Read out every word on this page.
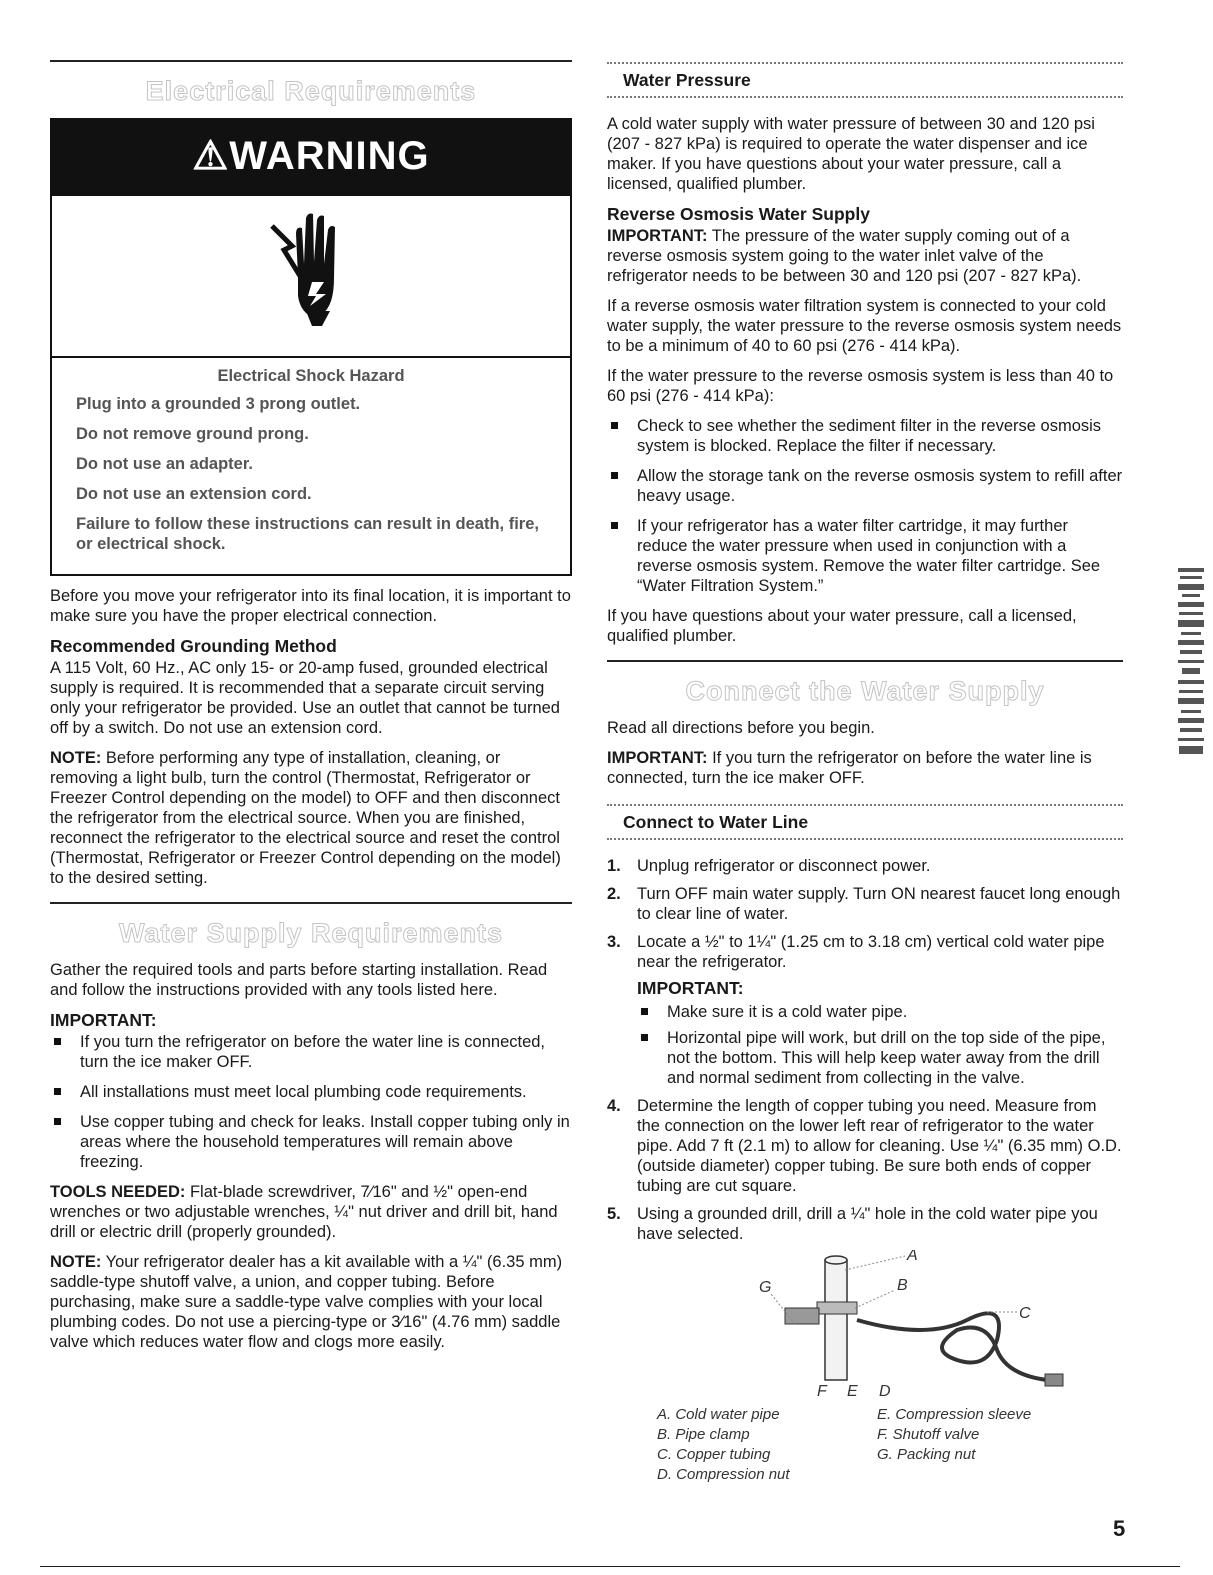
Electrical Requirements
⚠WARNING
Electrical Shock Hazard

Plug into a grounded 3 prong outlet.

Do not remove ground prong.

Do not use an adapter.

Do not use an extension cord.

Failure to follow these instructions can result in death, fire, or electrical shock.

Before you move your refrigerator into its final location, it is important to make sure you have the proper electrical connection.

Recommended Grounding Method

A 115 Volt, 60 Hz., AC only 15- or 20-amp fused, grounded electrical supply is required. It is recommended that a separate circuit serving only your refrigerator be provided. Use an outlet that cannot be turned off by a switch. Do not use an extension cord.

NOTE: Before performing any type of installation, cleaning, or removing a light bulb, turn the control (Thermostat, Refrigerator or Freezer Control depending on the model) to OFF and then disconnect the refrigerator from the electrical source. When you are finished, reconnect the refrigerator to the electrical source and reset the control (Thermostat, Refrigerator or Freezer Control depending on the model) to the desired setting.

Water Supply Requirements

Gather the required tools and parts before starting installation. Read and follow the instructions provided with any tools listed here.

IMPORTANT:
If you turn the refrigerator on before the water line is connected, turn the ice maker OFF.
All installations must meet local plumbing code requirements.
Use copper tubing and check for leaks. Install copper tubing only in areas where the household temperatures will remain above freezing.

TOOLS NEEDED: Flat-blade screwdriver, 7⁄16" and ½" open-end wrenches or two adjustable wrenches, ¼" nut driver and drill bit, hand drill or electric drill (properly grounded).

NOTE: Your refrigerator dealer has a kit available with a ¼" (6.35 mm) saddle-type shutoff valve, a union, and copper tubing. Before purchasing, make sure a saddle-type valve complies with your local plumbing codes. Do not use a piercing-type or 3⁄16" (4.76 mm) saddle valve which reduces water flow and clogs more easily.

Water Pressure

A cold water supply with water pressure of between 30 and 120 psi (207 - 827 kPa) is required to operate the water dispenser and ice maker. If you have questions about your water pressure, call a licensed, qualified plumber.

Reverse Osmosis Water Supply

IMPORTANT: The pressure of the water supply coming out of a reverse osmosis system going to the water inlet valve of the refrigerator needs to be between 30 and 120 psi (207 - 827 kPa).

If a reverse osmosis water filtration system is connected to your cold water supply, the water pressure to the reverse osmosis system needs to be a minimum of 40 to 60 psi (276 - 414 kPa).

If the water pressure to the reverse osmosis system is less than 40 to 60 psi (276 - 414 kPa):

Check to see whether the sediment filter in the reverse osmosis system is blocked. Replace the filter if necessary.
Allow the storage tank on the reverse osmosis system to refill after heavy usage.
If your refrigerator has a water filter cartridge, it may further reduce the water pressure when used in conjunction with a reverse osmosis system. Remove the water filter cartridge. See “Water Filtration System.”

If you have questions about your water pressure, call a licensed, qualified plumber.

Connect the Water Supply

Read all directions before you begin.

IMPORTANT: If you turn the refrigerator on before the water line is connected, turn the ice maker OFF.

Connect to Water Line
1. Unplug refrigerator or disconnect power.
2. Turn OFF main water supply. Turn ON nearest faucet long enough to clear line of water.
3. Locate a ½" to 1¼" (1.25 cm to 3.18 cm) vertical cold water pipe near the refrigerator.
IMPORTANT:
Make sure it is a cold water pipe.
Horizontal pipe will work, but drill on the top side of the pipe, not the bottom. This will help keep water away from the drill and normal sediment from collecting in the valve.
4. Determine the length of copper tubing you need. Measure from the connection on the lower left rear of refrigerator to the water pipe. Add 7 ft (2.1 m) to allow for cleaning. Use ¼" (6.35 mm) O.D. (outside diameter) copper tubing. Be sure both ends of copper tubing are cut square.
5. Using a grounded drill, drill a ¼" hole in the cold water pipe you have selected.
A
B
C
G
F E D
A. Cold water pipe
B. Pipe clamp
C. Copper tubing
D. Compression nut
E. Compression sleeve
F. Shutoff valve
G. Packing nut
5
